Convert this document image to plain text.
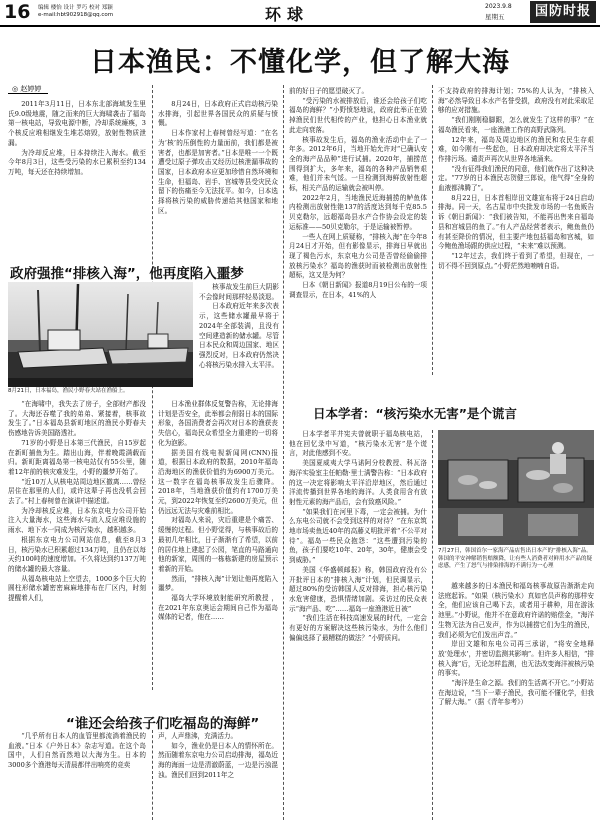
16 编辑 楼怡 设计 罗巧 校对 郑颖
e-mail:hbt902918@qq.com	环球	2023.9.8
星期五	国防时报
日本渔民：不懂化学，但了解大海
◎ 赵婷婷

2011年3月11日，日本东北部海域发生里氏9.0级地震，随之而来的巨大海啸袭击了福岛第一核电站，导致电源中断，冷却系统瘫痪，3个核反应堆相继发生堆芯熔毁，放射性物质泄漏。

为冷却反应堆，日本持续注入海水。截至今年8月3日，这些受污染的水已累积至约134万吨，每天还在持续增加。

8月24日，日本政府正式启动核污染水排海，引起世界各国民众的质疑与愤慨。

日本作家村上春树曾经写道：“在名为‘核’的压倒性的力量面前，我们都是被害者，也都是加害者。”日本是唯一一个既遭受过原子弹攻击又经历过核泄漏事故的国家，日本政府本应更加珍惜自然环境和生命，但福岛、岩手、宫城等县受灾民众留下的伤痛至今无法抚平。如今，日本选择将核污染的威胁传递给其他国家和地区。

前的好日子的愿望破灭了。

“受污染的水被排放后，谁还会给孩子们吃福岛的海鲜？”小野愤怒地说，政府此举正在毁掉渔民们世代相传的产业，他担心日本渔业就此走向衰落。

核事故发生后，福岛的渔业活动中止了一年多。2012年6月，当地开始允许对“已确认安全的海产品品种”进行试捕。2020年，捕捞范围得到扩大，多年来，福岛的各种产品销售艰难，他们并未气馁。一旦检测到海鲜放射性超标，相关产品的运输就会被叫停。

2022年2月，当地渔民近海捕捞的鲈鱼体内检测出放射性铯137的活度达到每千克85.5贝克勒尔，远超福岛县水产合作协会设定的装运标准——50贝克勒尔，于是运输被暂停。

一些人在网上质疑称，“排核入海”在今年8月24日才开始，但有影像显示，排海日早就出现了褐色污水，东京电力公司是否曾经偷偷排放核污染水？福岛的渔获时而被检测出放射性超标，这又是为何？

日本《朝日新闻》报道8月19日公布的一项调查显示，在日本，41%的人

不支持政府的排海计划；75%的人认为，“排核入海”必然导致日本水产名誉受损，政府没有对此采取足够的应对措施。

“我们刚刚稳脚跟，怎么就发生了这样的事？”在福岛渔民看来，一座渔港工作的高野武陈列。

12年来，福岛及周边地区的渔民和农民生存艰难，如今刚有一些起色，日本政府却决定将太平洋当作排污场。谴责声再次从世界各地涌来。

“没有征得我们渔民的同意，他们就作出了这种决定。“77岁的日本渔民志贺健三郎说，他气得”全身的血液都沸腾了”。

8月22日，日本首相岸田文雄宣布将于24日启动排海。同一天，名古屋市中央批发市场的一名鱼贩告诉《朝日新闻》：“我们被告知，不能再出售来自福岛县和宫城县的鱼了。”有人产品经营者表示，鲍鱼鱼仍有甚至降价的情况，但主要产地包括福岛和宫城，如今鲍鱼渔场跟的供应过程，“未来”难以预测。

“12年过去，我们终于看到了希望，但现在，一切不得不回到原点。”小野茫然地喃喃自语。

政府强推“排核入海”，他再度陷入噩梦
8月21日，日本福岛，渔民小野春夫站在渔船上。

核事故发生前巨大阴影不会像时间那样轻易淡退。

日本政府近年来多次表示，这些储水罐最早将于2024年全部装满，且没有空间建造新的储水罐。尽管日本民众和周边国家、地区强烈反对，日本政府仍然决心将核污染水排入太平洋。

“在海啸中，我失去了房子，全部财产都没了。大海还吞噬了我的弟弟、紧接着，核事故发生了。”日本福岛县新町地区的渔民小野春夫伤感地告诉美国路透社。

71岁的小野是日本第三代渔民，自15岁起在新町捕鱼为生。踏出山海，伴着晚霞满载而归。新町距离福岛第一核电站仅有55公里，随着12年前的核灾难发生，小野的噩梦开始了。

“近10万人从核电站周边地区撤离……曾经居住在那里的人们，或许这辈子再也没机会回去了。”村上春树曾在演讲中描述道。

为冷却核反应堆，日本东京电力公司开始注入大量海水，这些海水与流入反应堆设施的雨水、地下水一同成为核污染水，越积越多。

根据东京电力公司网站信息，截至8月3日，核污染水已积累超过134万吨，且仍在以每天约100吨的速度增加。不久将达到约137万吨的储水罐的最大容量。

从福岛核电站上空望去，1000多个巨大的圆柱形储水罐密密麻麻地排布在厂区内，时刻提醒着人们，

日本渔业群体反复警告称，无论排海计划是否安全，此举都会削弱日本的国际形象，各国消费者会再次对日本的渔获丧失信心，福岛民众希望全力重建的一切将化为泡影。

据美国有线电视新闻网(CNN)报道，根据日本政府的数据，2010年福岛沿海地区的渔获价值约为6900万美元。这一数字在福岛核事故发生后骤降。2018年，当地渔获价值约有1700万美元，到2022年恢复至约2600万美元，但仍远远无法与灾难前相比。

对福岛人来说，灾后重建是个痛苦、缓慢的过程。但小野觉得，与核事故后的最初几年相比，日子渐渐有了希望，以前的居住地上建起了公园，笔直的马路通向他的新家，周围的一栋栋新建的房屋预示着新的开始。

然而，“排核入海”计划让他再度陷入噩梦。

福岛大学环境放射能研究所教授 ，在2021年东京奥运会期间自己作为福岛媒体的记者，他在……

“谁还会给孩子们吃福岛的海鲜”

“几乎所有日本人的血管里都流淌着渔民的血液。”日本《户外日本》杂志写道。在这个岛国中，人们自然而然地以大海为生。日本的3000多个渔港每天清晨都伴出响亮的竞卖

声，人声鼎沸，充满活力。

如今，渔业仍是日本人的情怀所在。然而随着东京电力公司启动排海，福岛近海的海面一边是清澈蔚蓝，一边是污浊混浊。渔民们回到2011年之

日本学者：“核污染水无害”是个谎言

日本学者平井宪夫曾就职于福岛核电站，他在回忆录中写道，“核污染水无害”是个谎言，对此他感到不安。

美国夏威夷大学马诺阿分校教授、科瓦洛海洋实验室主任帕勒·里士满警告称：“日本政府的这一决定将影响太平洋沿岸地区，然后通过洋流传播到世界各地的海洋。人类食用含有放射性元素的海产品后，会有致癌风险。”

“如果我们在河里下毒，一定会被捕。为什么东电公司就不会受到这样的对待？”在东京筑地市场卖鱼近40年的高藤义明批评着“不公平对待”。福岛一些民众抱怨：“这些遭到污染的鱼，孩子们要吃10年、20年，30年，健康会受到威胁。”

美国《华盛顿邮报》称，韩国政府没有公开批评日本的“排核入海”计划，但民调显示，超过80%的受访韩国人反对排海，担心核污染水危害健康，恐惧情绪加剧。采访过的民众表示“海产品、吃”……福岛一座渔港近日被”

“我们生活在科技高速发展的时代，一定会有更好的方案解决这些核污染水，为什么他们偏偏选择了最糟糕的做法？”小野质问。

7月27日，韩国首尔一家海产品店售出日本产的“排核入海”品。韩国的平安神解销售赔额降，让有些人消费者对鲜用水产品的疑虑感，产生了怒气与排染排海的不满行为一心理

越来越多的日本渔民和福岛核事故原告渐渐走向法庭起诉。“如果（核污染水）真如官员声称的那样安全，他们应该自己喝下去，或者用于耕种，用在游泳池里。”小野说，他并不在意政府许诺的赔偿金，“海洋生物无法为自己发声，作为以捕捞它们为生的渔民，我们必须为它们发出声音。”

岸田文雄和东电公司再三承诺，“将安全地释放‘处理水’，并密切监测其影响”。但许多人相信，“排核入海”后，无论怎样监测，也无法改变海洋被核污染的事实。

“海洋是生命之源。我们的生活离不开它。”小野站在海边说，“当下一辈子渔民，我可能不懂化学，但我了解大海。”（据《青年参考》）
